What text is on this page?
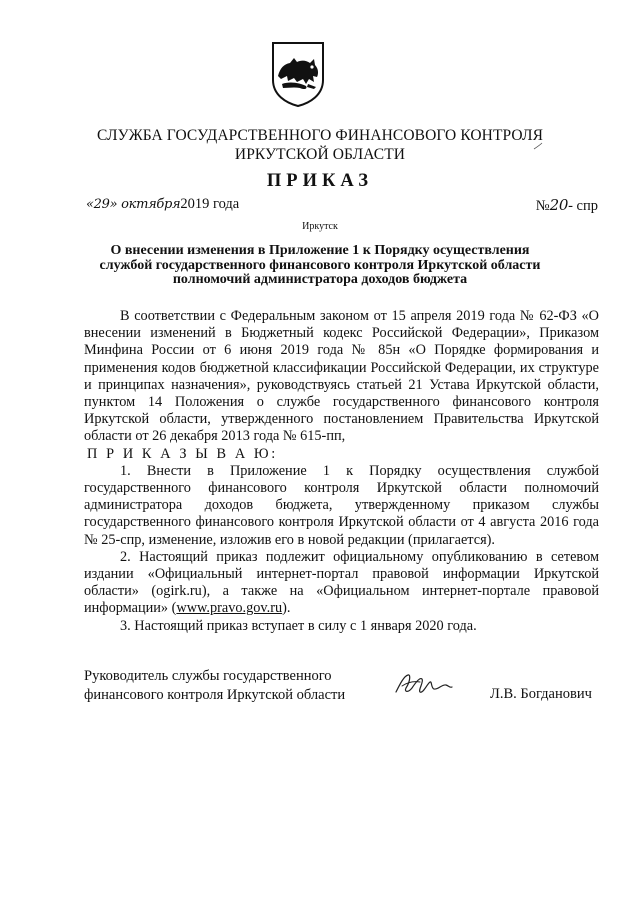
СЛУЖБА ГОСУДАРСТВЕННОГО ФИНАНСОВОГО КОНТРОЛЯ
ИРКУТСКОЙ ОБЛАСТИ
ПРИКАЗ
«29» октября2019 года	№20- спр
Иркутск
О внесении изменения в Приложение 1 к Порядку осуществления
службой государственного финансового контроля Иркутской области
полномочий администратора доходов бюджета

В соответствии с Федеральным законом от 15 апреля 2019 года № 62-ФЗ «О внесении изменений в Бюджетный кодекс Российской Федерации», Приказом Минфина России от 6 июня 2019 года № 85н «О Порядке формирования и применения кодов бюджетной классификации Российской Федерации, их структуре и принципах назначения», руководствуясь статьей 21 Устава Иркутской области, пунктом 14 Положения о службе государственного финансового контроля Иркутской области, утвержденного постановлением Правительства Иркутской области от 26 декабря 2013 года № 615-пп,

П Р И К А З Ы В А Ю:

1. Внести в Приложение 1 к Порядку осуществления службой государственного финансового контроля Иркутской области полномочий администратора доходов бюджета, утвержденному приказом службы государственного финансового контроля Иркутской области от 4 августа 2016 года № 25-спр, изменение, изложив его в новой редакции (прилагается).

2. Настоящий приказ подлежит официальному опубликованию в сетевом издании «Официальный интернет-портал правовой информации Иркутской области» (ogirk.ru), а также на «Официальном интернет-портале правовой информации» (www.pravo.gov.ru).

3. Настоящий приказ вступает в силу с 1 января 2020 года.

Руководитель службы государственного
финансового контроля Иркутской области	Л.В. Богданович
